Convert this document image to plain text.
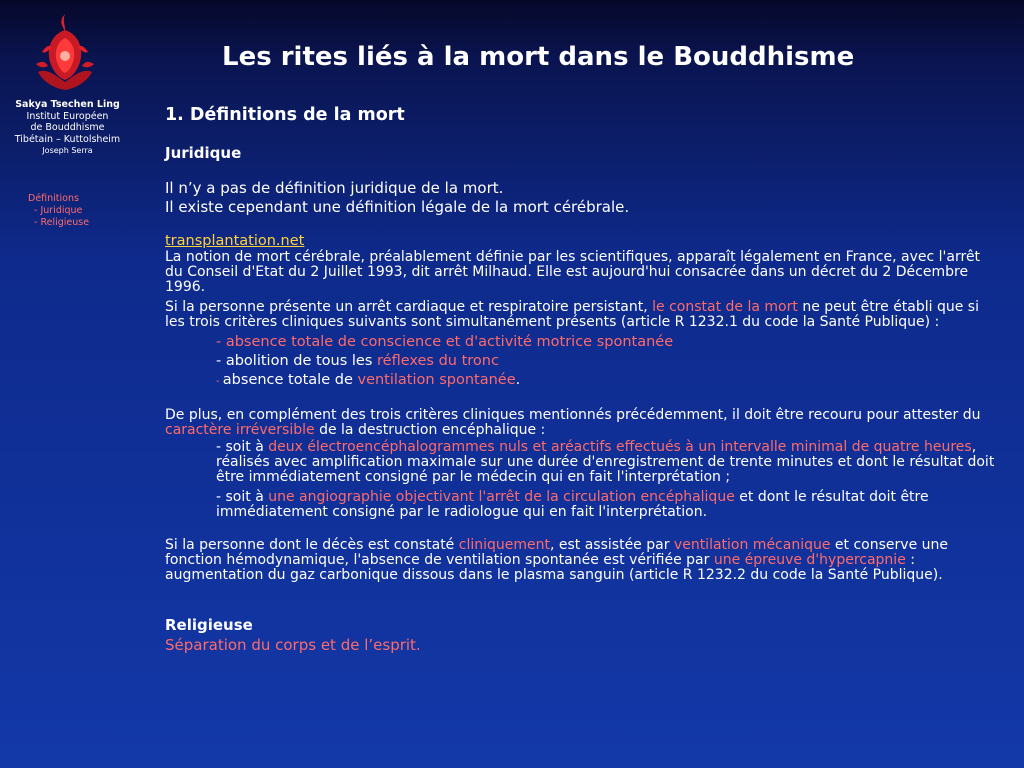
Sakya Tsechen Ling
Institut Européen
de Bouddhisme
Tibétain – Kuttolsheim
Joseph Serra
Définitions
- Juridique
- Religieuse
Les rites liés à la mort dans le Bouddhisme
1. Définitions de la mort
Juridique
Il n’y a pas de définition juridique de la mort.
Il existe cependant une définition légale de la mort cérébrale.
transplantation.net
La notion de mort cérébrale, préalablement définie par les scientifiques, apparaît légalement en France, avec l'arrêt du Conseil d'Etat du 2 Juillet 1993, dit arrêt Milhaud. Elle est aujourd'hui consacrée dans un décret du 2 Décembre 1996.
Si la personne présente un arrêt cardiaque et respiratoire persistant, le constat de la mort ne peut être établi que si les trois critères cliniques suivants sont simultanément présents (article R 1232.1 du code la Santé Publique) :
- absence totale de conscience et d'activité motrice spontanée
- abolition de tous les réflexes du tronc
- absence totale de ventilation spontanée.
De plus, en complément des trois critères cliniques mentionnés précédemment, il doit être recouru pour attester du caractère irréversible de la destruction encéphalique :
- soit à deux électroencéphalogrammes nuls et aréactifs effectués à un intervalle minimal de quatre heures, réalisés avec amplification maximale sur une durée d'enregistrement de trente minutes et dont le résultat doit être immédiatement consigné par le médecin qui en fait l'interprétation ;
- soit à une angiographie objectivant l'arrêt de la circulation encéphalique et dont le résultat doit être immédiatement consigné par le radiologue qui en fait l'interprétation.
Si la personne dont le décès est constaté cliniquement, est assistée par ventilation mécanique et conserve une fonction hémodynamique, l'absence de ventilation spontanée est vérifiée par une épreuve d'hypercapnie : augmentation du gaz carbonique dissous dans le plasma sanguin (article R 1232.2 du code la Santé Publique).
Religieuse
Séparation du corps et de l’esprit.
